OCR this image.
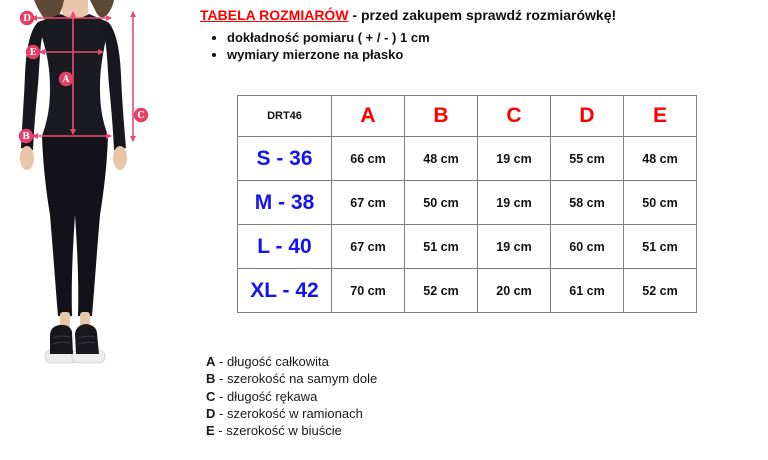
D
E
A
B
C
TABELA ROZMIARÓW - przed zakupem sprawdź rozmiarówkę!
• dokładność pomiaru ( + / - ) 1 cm
• wymiary mierzone na płasko
DRT46	A	B	C	D	E
S - 36	66 cm	48 cm	19 cm	55 cm	48 cm
M - 38	67 cm	50 cm	19 cm	58 cm	50 cm
L - 40	67 cm	51 cm	19 cm	60 cm	51 cm
XL - 42	70 cm	52 cm	20 cm	61 cm	52 cm
A - długość całkowita
B - szerokość na samym dole
C - długość rękawa
D - szerokość w ramionach
E - szerokość w biuście
